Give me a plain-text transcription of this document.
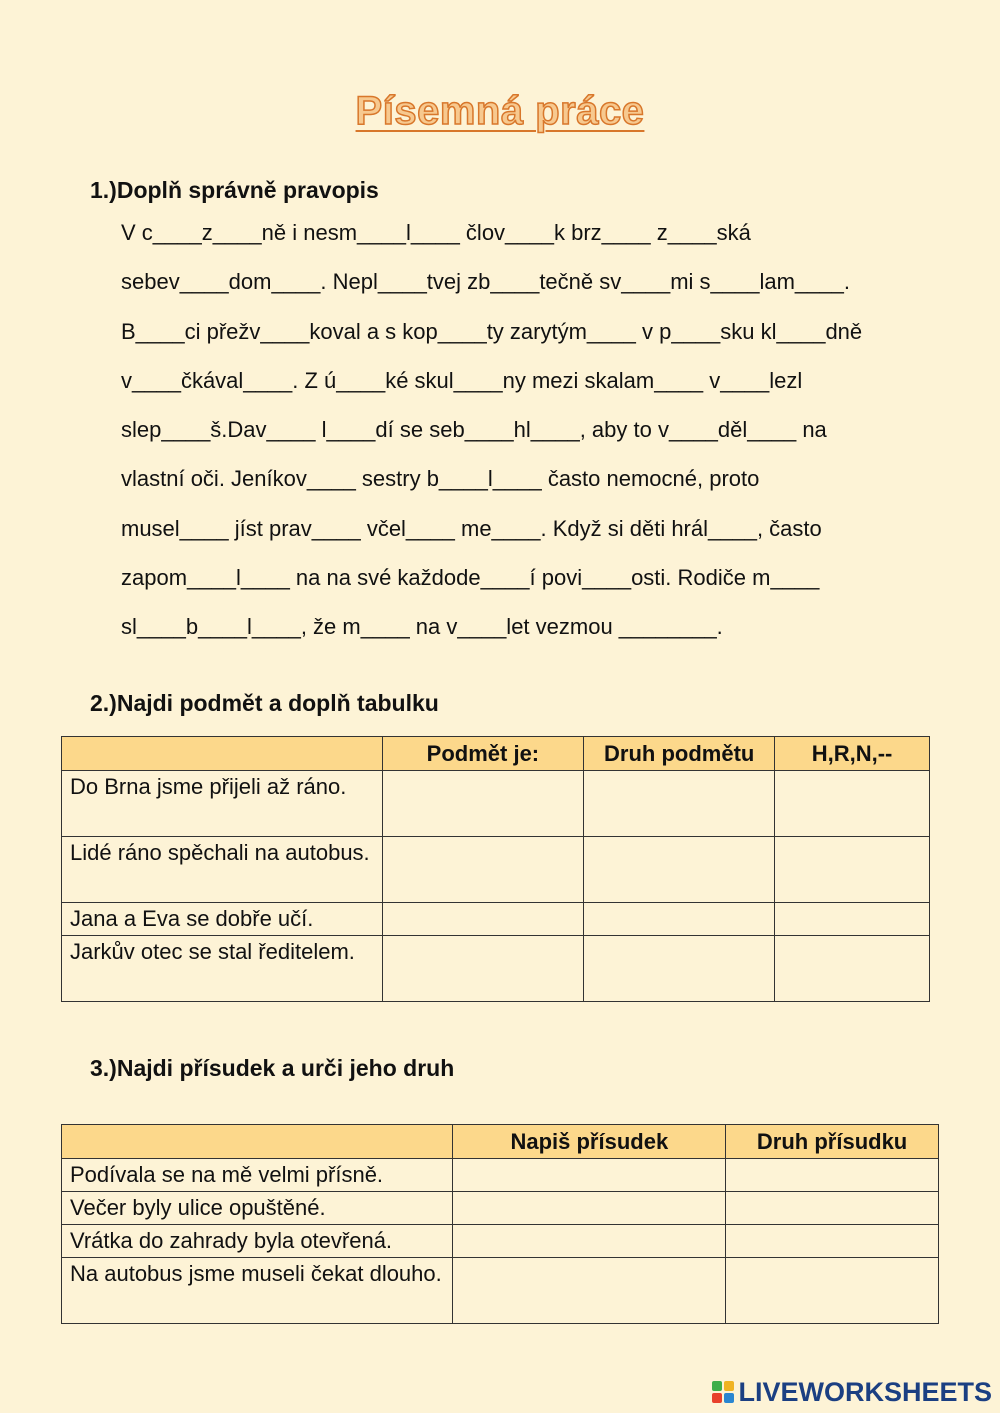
Písemná práce
1.)Doplň správně pravopis
V c____z____ně i nesm____l____ člov____k brz____ z____ská
sebev____dom____. Nepl____tvej zb____tečně sv____mi s____lam____.
B____ci přežv____koval a s kop____ty zarytým____ v p____sku kl____dně
v____čkával____. Z ú____ké skul____ny mezi skalam____ v____lezl
slep____š.Dav____ l____dí se seb____hl____, aby to v____děl____ na
vlastní oči. Jeníkov____ sestry b____l____ často nemocné, proto
musel____ jíst prav____ včel____ me____. Když si děti hrál____, často
zapom____l____ na na své každode____í povi____osti. Rodiče m____
sl____b____l____, že m____ na v____let vezmou ________.
2.)Najdi podmět a doplň tabulku
	Podmět je:	Druh podmětu	H,R,N,--
Do Brna jsme přijeli až ráno.			
Lidé ráno spěchali na autobus.			
Jana a Eva se dobře učí.			
Jarkův otec se stal ředitelem.			
3.)Najdi přísudek a urči jeho druh
	Napiš přísudek	Druh přísudku
Podívala se na mě velmi přísně.		
Večer byly ulice opuštěné.		
Vrátka do zahrady byla otevřená.		
Na autobus jsme museli čekat dlouho.		
LIVEWORKSHEETS
